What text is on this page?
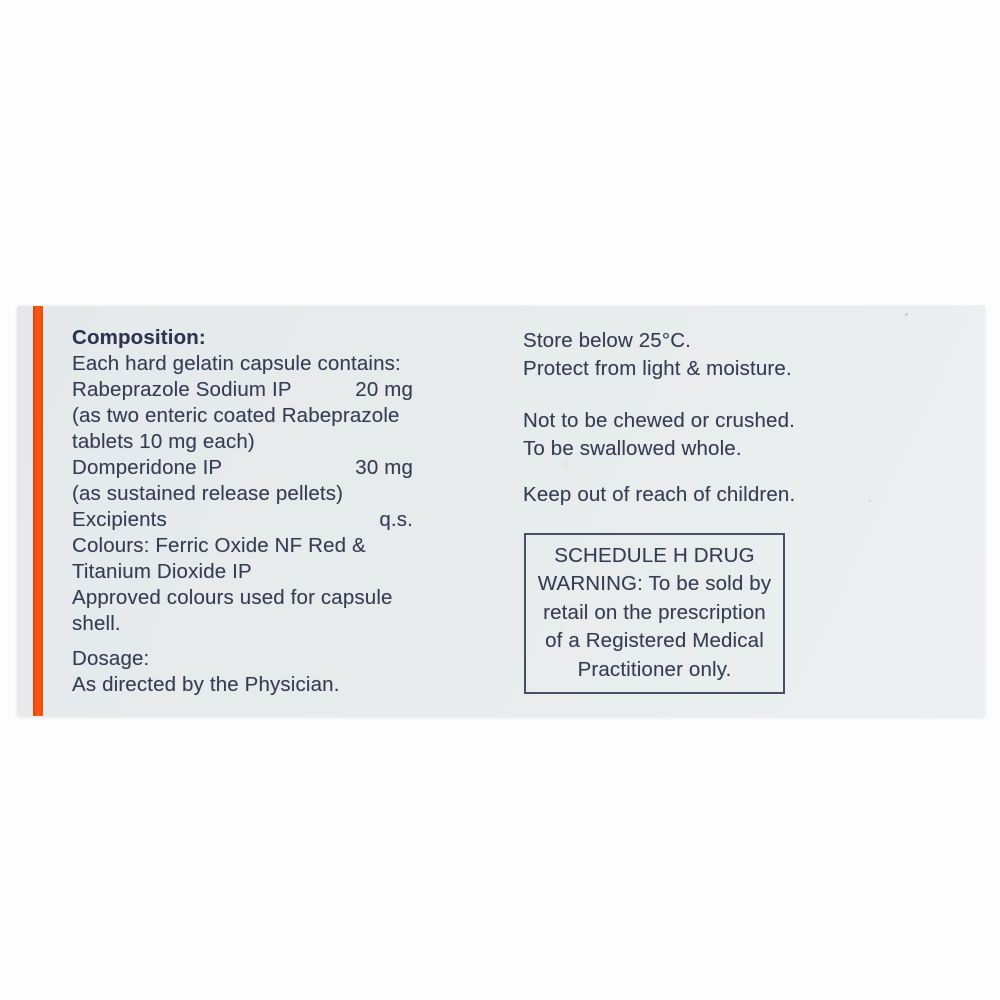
Composition:
Each hard gelatin capsule contains:
Rabeprazole Sodium IP	20 mg
(as two enteric coated Rabeprazole
tablets 10 mg each)
Domperidone IP	30 mg
(as sustained release pellets)
Excipients	q.s.
Colours: Ferric Oxide NF Red &
Titanium Dioxide IP
Approved colours used for capsule
shell.
Dosage:
As directed by the Physician.
Store below 25°C.
Protect from light & moisture.
Not to be chewed or crushed.
To be swallowed whole.
Keep out of reach of children.
SCHEDULE H DRUG
WARNING: To be sold by
retail on the prescription
of a Registered Medical
Practitioner only.
